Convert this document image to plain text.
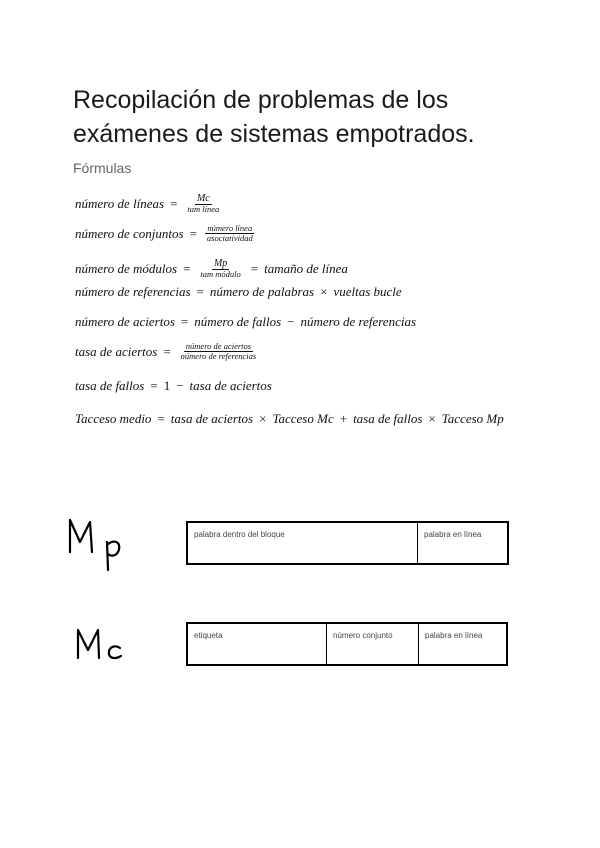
Recopilación de problemas de los
exámenes de sistemas empotrados.
Fórmulas
número de líneas = $\frac{Mc}{\text{tam línea}}$
número de conjuntos = $\frac{\text{número línea}}{\text{asociatividad}}$
número de módulos = $\frac{Mp}{\text{tam módulo}}$ = tamaño de línea
número de referencias = número de palabras × vueltas bucle
número de aciertos = número de fallos − número de referencias
tasa de aciertos = $\frac{\text{número de aciertos}}{\text{número de referencias}}$
tasa de fallos = 1 − tasa de aciertos
Tacceso medio = tasa de aciertos × Tacceso Mc + tasa de fallos × Tacceso Mp
palabra dentro del bloque	palabra en línea
etiqueta	número conjunto	palabra en línea
